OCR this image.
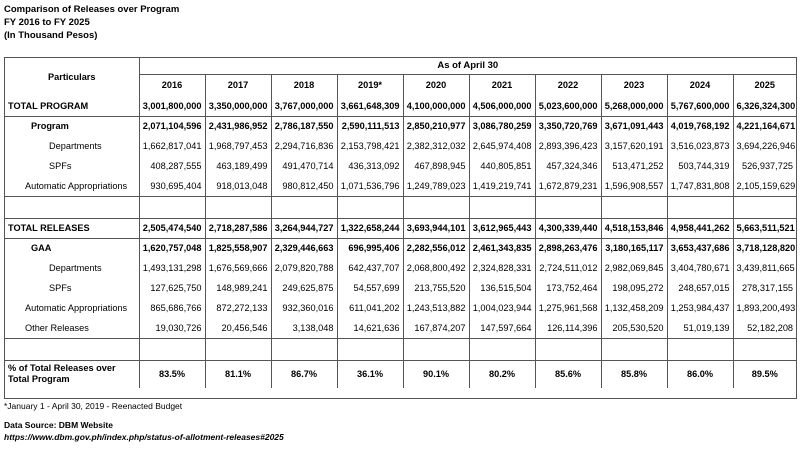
Comparison of Releases over Program
FY 2016 to FY 2025
(In Thousand Pesos)
Particulars	As of April 30									
	2016	2017	2018	2019*	2020	2021	2022	2023	2024	2025
TOTAL PROGRAM	3,001,800,000	3,350,000,000	3,767,000,000	3,661,648,309	4,100,000,000	4,506,000,000	5,023,600,000	5,268,000,000	5,767,600,000	6,326,324,300
Program	2,071,104,596	2,431,986,952	2,786,187,550	2,590,111,513	2,850,210,977	3,086,780,259	3,350,720,769	3,671,091,443	4,019,768,192	4,221,164,671
Departments	1,662,817,041	1,968,797,453	2,294,716,836	2,153,798,421	2,382,312,032	2,645,974,408	2,893,396,423	3,157,620,191	3,516,023,873	3,694,226,946
SPFs	408,287,555	463,189,499	491,470,714	436,313,092	467,898,945	440,805,851	457,324,346	513,471,252	503,744,319	526,937,725
Automatic Appropriations	930,695,404	918,013,048	980,812,450	1,071,536,796	1,249,789,023	1,419,219,741	1,672,879,231	1,596,908,557	1,747,831,808	2,105,159,629

TOTAL RELEASES	2,505,474,540	2,718,287,586	3,264,944,727	1,322,658,244	3,693,944,101	3,612,965,443	4,300,339,440	4,518,153,846	4,958,441,262	5,663,511,521
GAA	1,620,757,048	1,825,558,907	2,329,446,663	696,995,406	2,282,556,012	2,461,343,835	2,898,263,476	3,180,165,117	3,653,437,686	3,718,128,820
Departments	1,493,131,298	1,676,569,666	2,079,820,788	642,437,707	2,068,800,492	2,324,828,331	2,724,511,012	2,982,069,845	3,404,780,671	3,439,811,665
SPFs	127,625,750	148,989,241	249,625,875	54,557,699	213,755,520	136,515,504	173,752,464	198,095,272	248,657,015	278,317,155
Automatic Appropriations	865,686,766	872,272,133	932,360,016	611,041,202	1,243,513,882	1,004,023,944	1,275,961,568	1,132,458,209	1,253,984,437	1,893,200,493
Other Releases	19,030,726	20,456,546	3,138,048	14,621,636	167,874,207	147,597,664	126,114,396	205,530,520	51,019,139	52,182,208

% of Total Releases over Total Program	83.5%	81.1%	86.7%	36.1%	90.1%	80.2%	85.6%	85.8%	86.0%	89.5%
*January 1 - April 30, 2019 - Reenacted Budget
Data Source: DBM Website
https://www.dbm.gov.ph/index.php/status-of-allotment-releases#2025
